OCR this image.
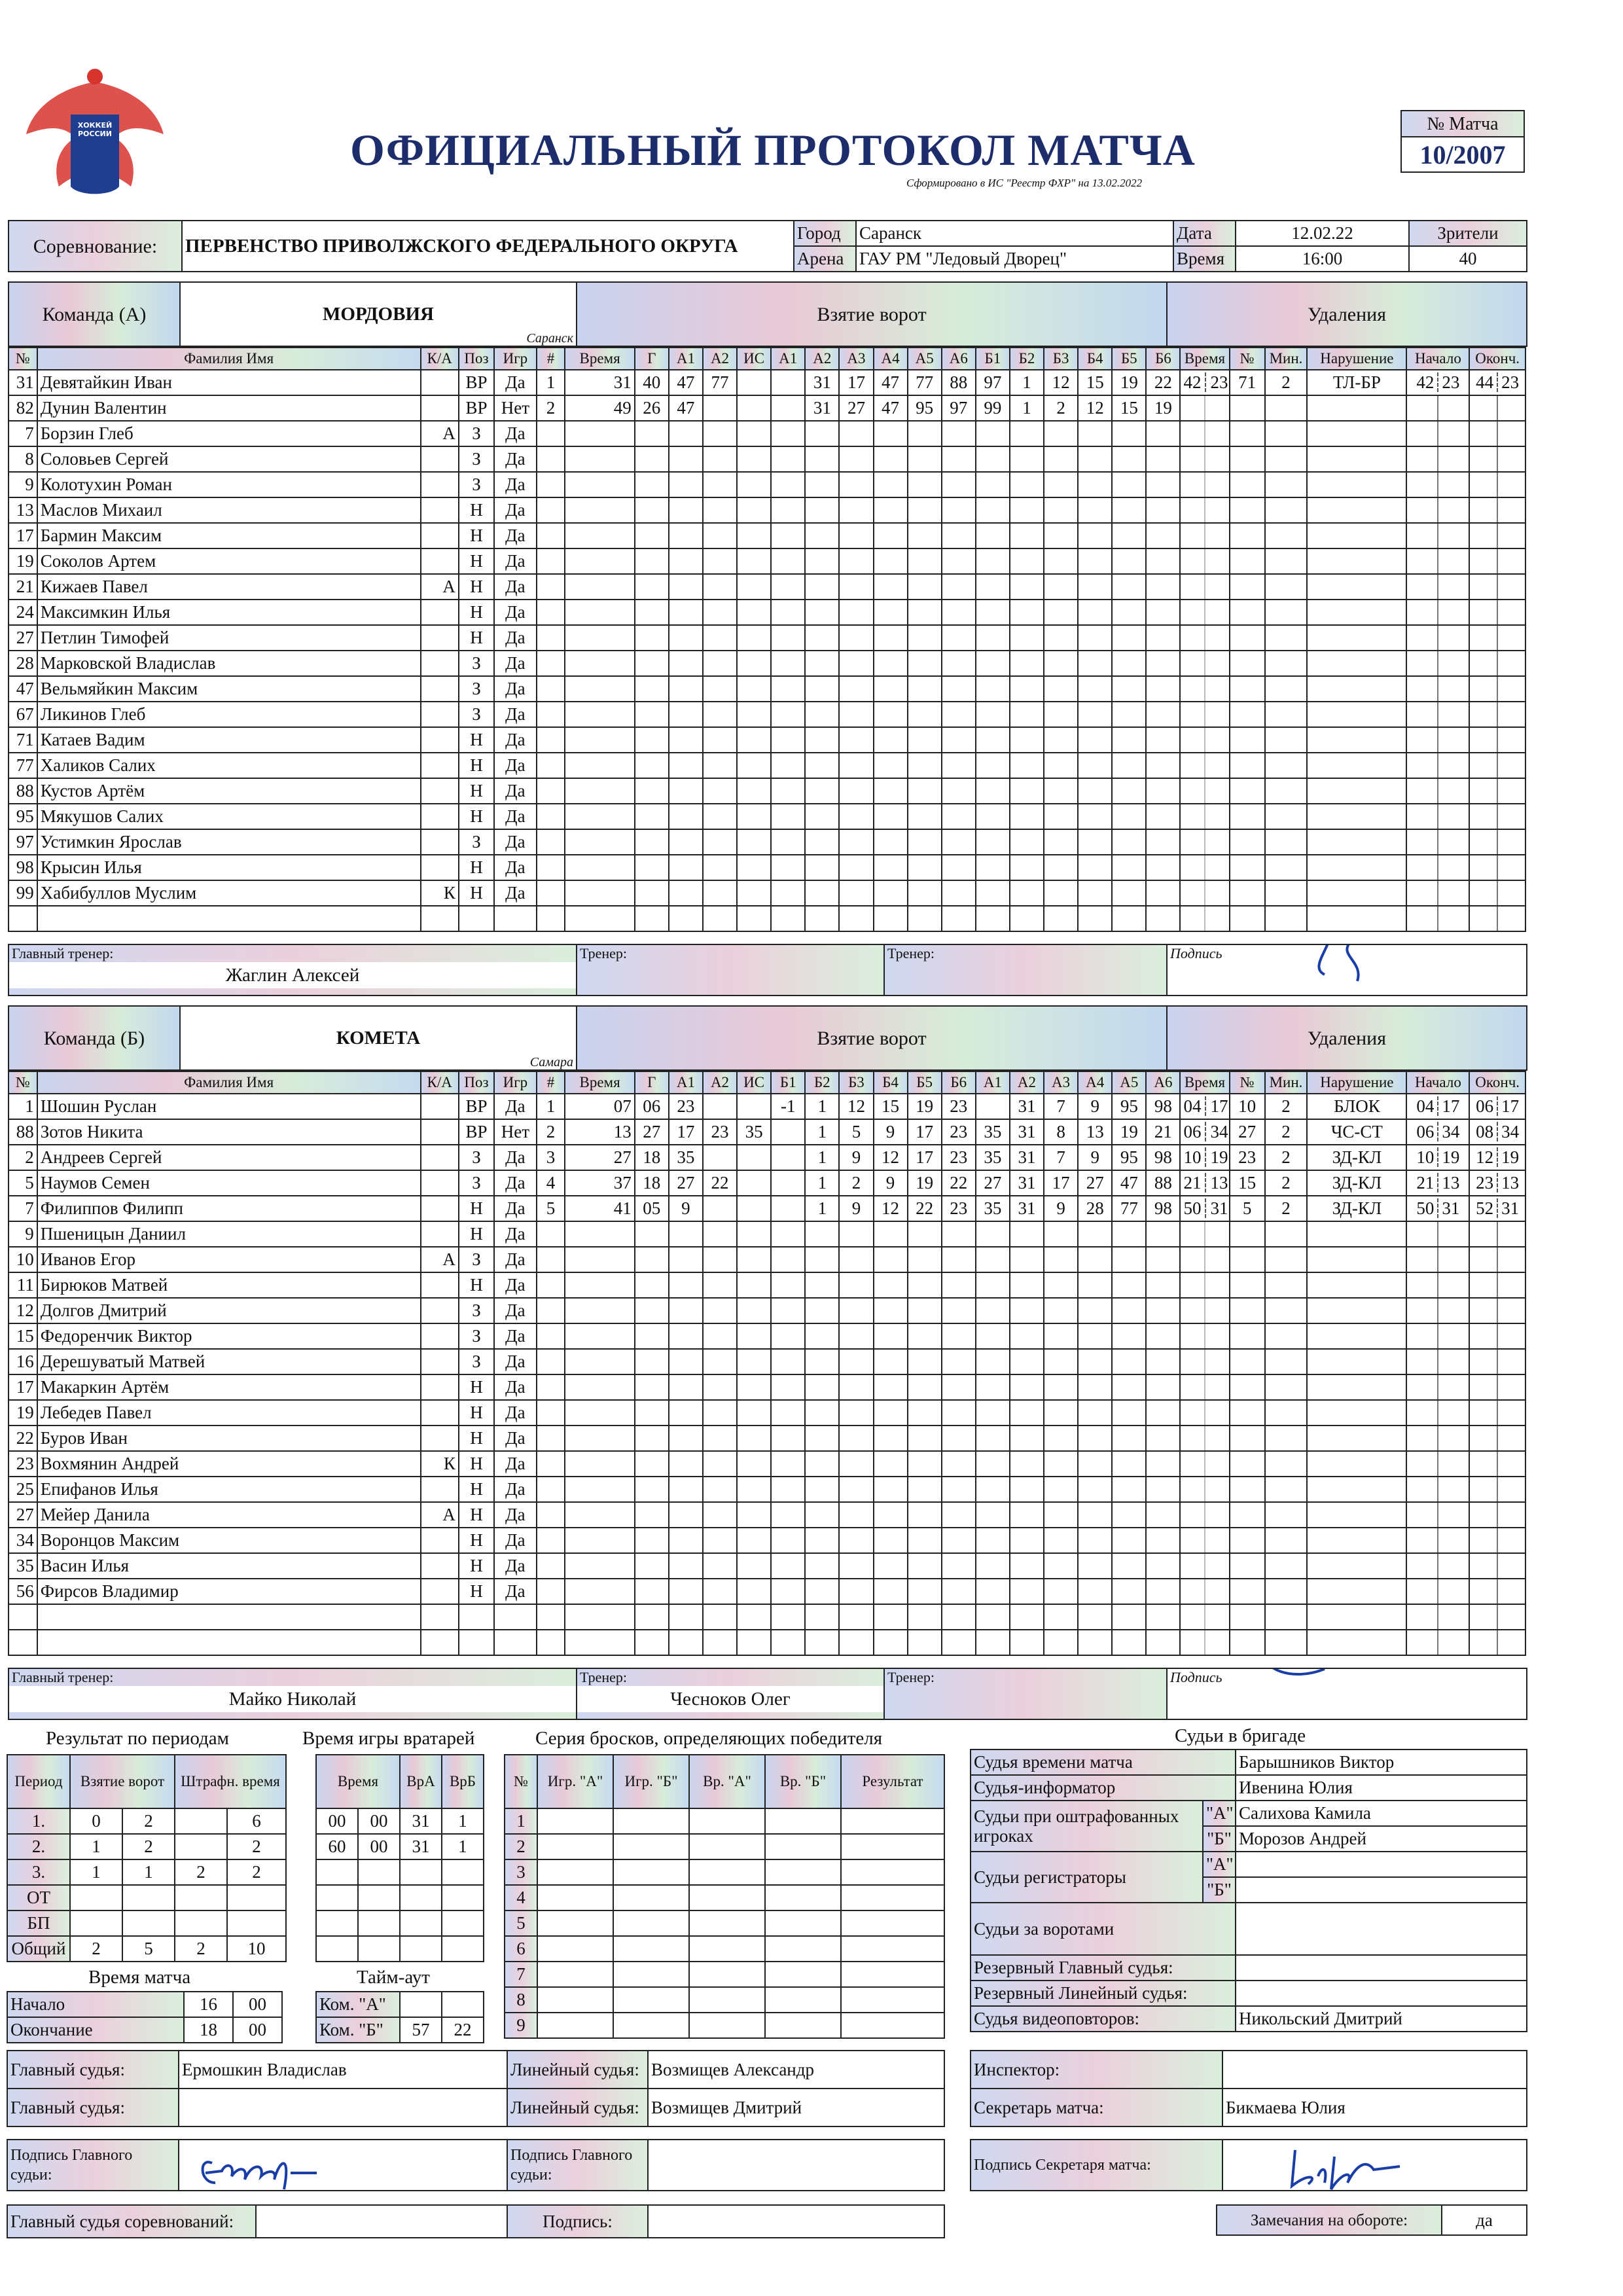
ХОККЕЙ РОССИИ	ОФИЦИАЛЬНЫЙ ПРОТОКОЛ МАТЧА
Сформировано в ИС "Реестр ФХР" на 13.02.2022
№ Матча
10/2007
Соревнование:	ПЕРВЕНСТВО ПРИВОЛЖСКОГО ФЕДЕРАЛЬНОГО ОКРУГА	Город	Саранск	Дата	12.02.22	Зрители
		Арена	ГАУ РМ "Ледовый Дворец"	Время	16:00	40
Команда (А)	МОРДОВИЯ
Саранск
	Взятие ворот	Удаления
№	Фамилия Имя	К/А	Поз	Игр	#	Время	Г	А1	А2	ИС	А1	А2	А3	А4	А5	А6	Б1	Б2	Б3	Б4	Б5	Б6	Время	№	Мин.	Нарушение	Начало	Оконч.
31	Девятайкин Иван		ВР	Да	1	31	40	47	77			31	17	47	77	88	97	1	12	15	19	22	42 23	71	2	ТЛ-БР	42 23	44 23
82	Дунин Валентин		ВР	Нет	2	49	26	47				31	27	47	95	97	99	1	2	12	15	19						
7	Борзин Глеб	А	З	Да																								
8	Соловьев Сергей		З	Да																								
9	Колотухин Роман		З	Да																								
13	Маслов Михаил		Н	Да																								
17	Бармин Максим		Н	Да																								
19	Соколов Артем		Н	Да																								
21	Кижаев Павел	А	Н	Да																								
24	Максимкин Илья		Н	Да																								
27	Петлин Тимофей		Н	Да																								
28	Марковской Владислав		З	Да																								
47	Вельмяйкин Максим		З	Да																								
67	Ликинов Глеб		З	Да																								
71	Катаев Вадим		Н	Да																								
77	Халиков Салих		Н	Да																								
88	Кустов Артём		Н	Да																								
95	Мякушов Салих		Н	Да																								
97	Устимкин Ярослав		З	Да																								
98	Крысин Илья		Н	Да																								
99	Хабибуллов Муслим	К	Н	Да																								

Главный тренер:
Жаглин Алексей
	Тренер:	Тренер:	Подпись
Команда (Б)	КОМЕТА
Самара
	Взятие ворот	Удаления
№	Фамилия Имя	К/А	Поз	Игр	#	Время	Г	А1	А2	ИС	Б1	Б2	Б3	Б4	Б5	Б6	А1	А2	А3	А4	А5	А6	Время	№	Мин.	Нарушение	Начало	Оконч.
1	Шошин Руслан		ВР	Да	1	07	06	23			-1	1	12	15	19	23		31	7	9	95	98	04 17	10	2	БЛОК	04 17	06 17
88	Зотов Никита		ВР	Нет	2	13	27	17	23	35		1	5	9	17	23	35	31	8	13	19	21	06 34	27	2	ЧС-СТ	06 34	08 34
2	Андреев Сергей		З	Да	3	27	18	35				1	9	12	17	23	35	31	7	9	95	98	10 19	23	2	ЗД-КЛ	10 19	12 19
5	Наумов Семен		З	Да	4	37	18	27	22			1	2	9	19	22	27	31	17	27	47	88	21 13	15	2	ЗД-КЛ	21 13	23 13
7	Филиппов Филипп		Н	Да	5	41	05	9				1	9	12	22	23	35	31	9	28	77	98	50 31	5	2	ЗД-КЛ	50 31	52 31
9	Пшеницын Даниил		Н	Да																								
10	Иванов Егор	А	З	Да																								
11	Бирюков Матвей		Н	Да																								
12	Долгов Дмитрий		З	Да																								
15	Федоренчик Виктор		З	Да																								
16	Дерешуватый Матвей		З	Да																								
17	Макаркин Артём		Н	Да																								
19	Лебедев Павел		Н	Да																								
22	Буров Иван		Н	Да																								
23	Вохмянин Андрей	К	Н	Да																								
25	Епифанов Илья		Н	Да																								
27	Мейер Данила	А	Н	Да																								
34	Воронцов Максим		Н	Да																								
35	Васин Илья		Н	Да																								
56	Фирсов Владимир		Н	Да																								

Главный тренер:
Майко Николай

Тренер:
Чесноков Олег
	Тренер:	Подпись
Результат по периодам
Период	Взятие ворот		Штрафн. время	
1.	0	2		6
2.	1	2		2
3.	1	1	2	2
ОТ				
БП				
Общий	2	5	2	10
Время игры вратарей
Время		ВрА	ВрБ
00	00	31	1
60	00	31	1

Время матча
Начало	16	00
Окончание	18	00
Тайм-аут
Ком. "А"		
Ком. "Б"	57	22
Серия бросков, определяющих победителя
№	Игр. "А"	Игр. "Б"	Вр. "А"	Вр. "Б"	Результат
1					
2					
3					
4					
5					
6					
7					
8					
9					
Судьи в бригаде
Судья времени матча		Барышников Виктор
Судья-информатор		Ивенина Юлия
Судьи при оштрафованных игроках	"А"	Салихова Камила
	"Б"	Морозов Андрей
Судьи регистраторы	"А"	
	"Б"	
Судьи за воротами		
Резервный Главный судья:		
Резервный Линейный судья:		
Судья видеоповторов:		Никольский Дмитрий
Главный судья:	Ермошкин Владислав	Линейный судья:	Возмищев Александр
Главный судья:		Линейный судья:	Возмищев Дмитрий
Инспектор:	
Секретарь матча:	Бикмаева Юлия
Подпись Главного судьи:	
	Подпись Главного судьи:	
Подпись Секретаря матча:	
Главный судья соревнований:		Подпись:		Замечания на обороте:	да
